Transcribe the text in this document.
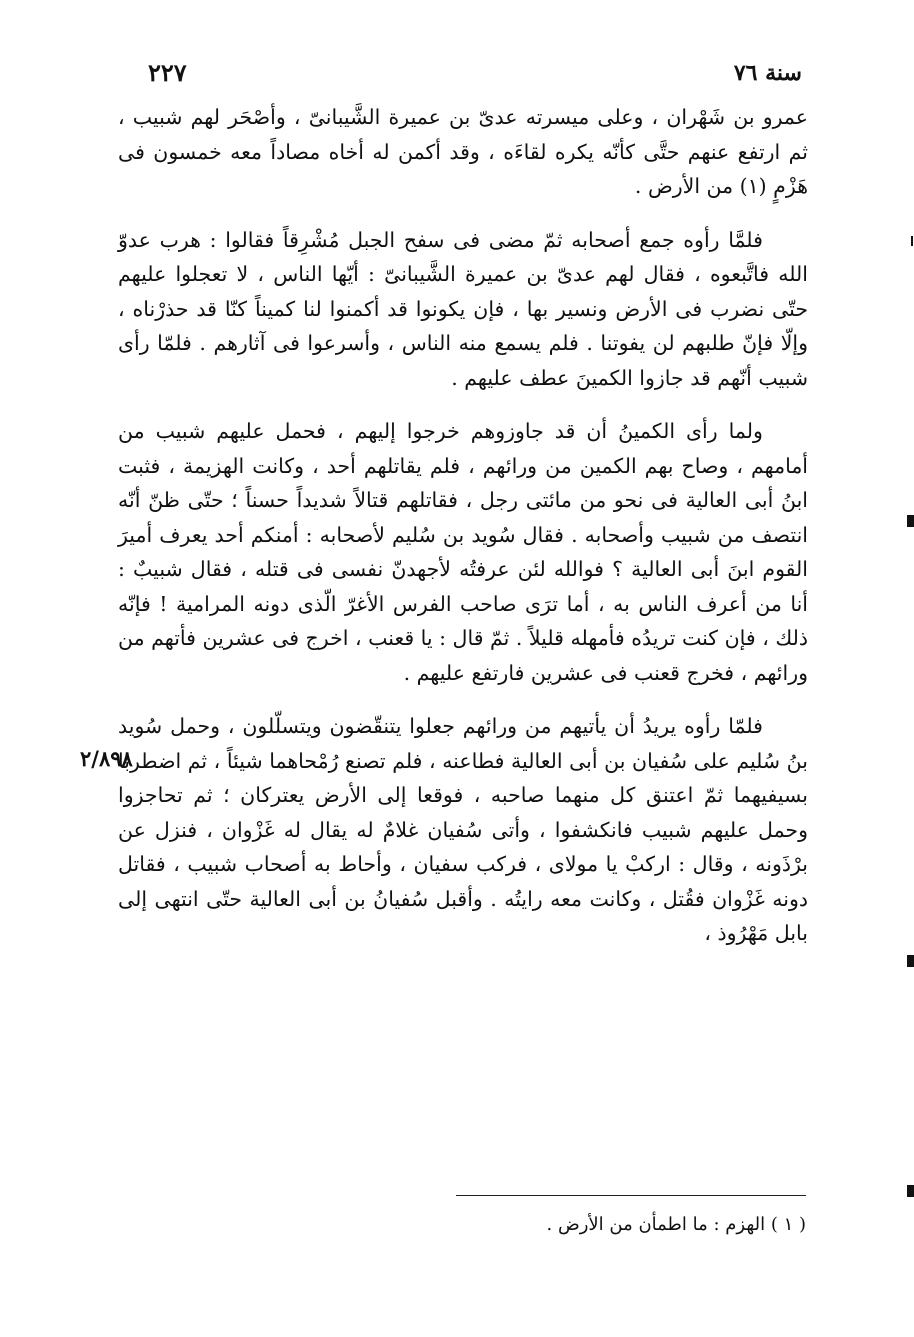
٢٢٧	سنة ٧٦

عمرو بن شَهْران ، وعلى ميسرته عدىّ بن عميرة الشَّيبانىّ ، وأصْحَر لهم شبيب ، ثم ارتفع عنهم حتَّى كأنّه يكره لقاءَه ، وقد أكمن له أخاه مصاداً معه خمسون فى هَزْمٍ (١) من الأرض .

فلمَّا رأوه جمع أصحابه ثمّ مضى فى سفح الجبل مُشْرِقاً فقالوا : هرب عدوّ الله فاتَّبعوه ، فقال لهم عدىّ بن عميرة الشَّيبانىّ : أيّها الناس ، لا تعجلوا عليهم حتّى نضرب فى الأرض ونسير بها ، فإن يكونوا قد أكمنوا لنا كميناً كنّا قد حذرْناه ، وإلّا فإنّ طلبهم لن يفوتنا . فلم يسمع منه الناس ، وأسرعوا فى آثارهم . فلمّا رأى شبيب أنّهم قد جازوا الكمينَ عطف عليهم .

ولما رأى الكمينُ أن قد جاوزوهم خرجوا إليهم ، فحمل عليهم شبيب من أمامهم ، وصاح بهم الكمين من ورائهم ، فلم يقاتلهم أحد ، وكانت الهزيمة ، فثبت ابنُ أبى العالية فى نحو من مائتى رجل ، فقاتلهم قتالاً شديداً حسناً ؛ حتّى ظنّ أنّه انتصف من شبيب وأصحابه . فقال سُويد بن سُليم لأصحابه : أمنكم أحد يعرف أميرَ القوم ابنَ أبى العالية ؟ فوالله لئن عرفتُه لأجهدنّ نفسى فى قتله ، فقال شبيبٌ : أنا من أعرف الناس به ، أما ترَى صاحب الفرس الأغرّ الّذى دونه المرامية ! فإنّه ذلك ، فإن كنت تريدُه فأمهله قليلاً . ثمّ قال : يا قعنب ، اخرج فى عشرين فأتهم من ورائهم ، فخرج قعنب فى عشرين فارتفع عليهم .

فلمّا رأوه يريدُ أن يأتيهم من ورائهم جعلوا يتنقّضون ويتسلّلون ، وحمل سُويد بنُ سُليم على سُفيان بن أبى العالية فطاعنه ، فلم تصنع رُمْحاهما شيئاً ، ثم اضطربا بسيفيهما ثمّ اعتنق كل منهما صاحبه ، فوقعا إلى الأرض يعتركان ؛ ثم تحاجزوا وحمل عليهم شبيب فانكشفوا ، وأتى سُفيان غلامٌ له يقال له غَزْوان ، فنزل عن برْذَونه ، وقال : اركبْ يا مولاى ، فركب سفيان ، وأحاط به أصحاب شبيب ، فقاتل دونه غَزْوان فقُتل ، وكانت معه رايتُه . وأقبل سُفيانُ بن أبى العالية حتّى انتهى إلى بابل مَهْرُوذ ،

٢/٨٩٨
( ١ ) الهزم : ما اطمأن من الأرض .
